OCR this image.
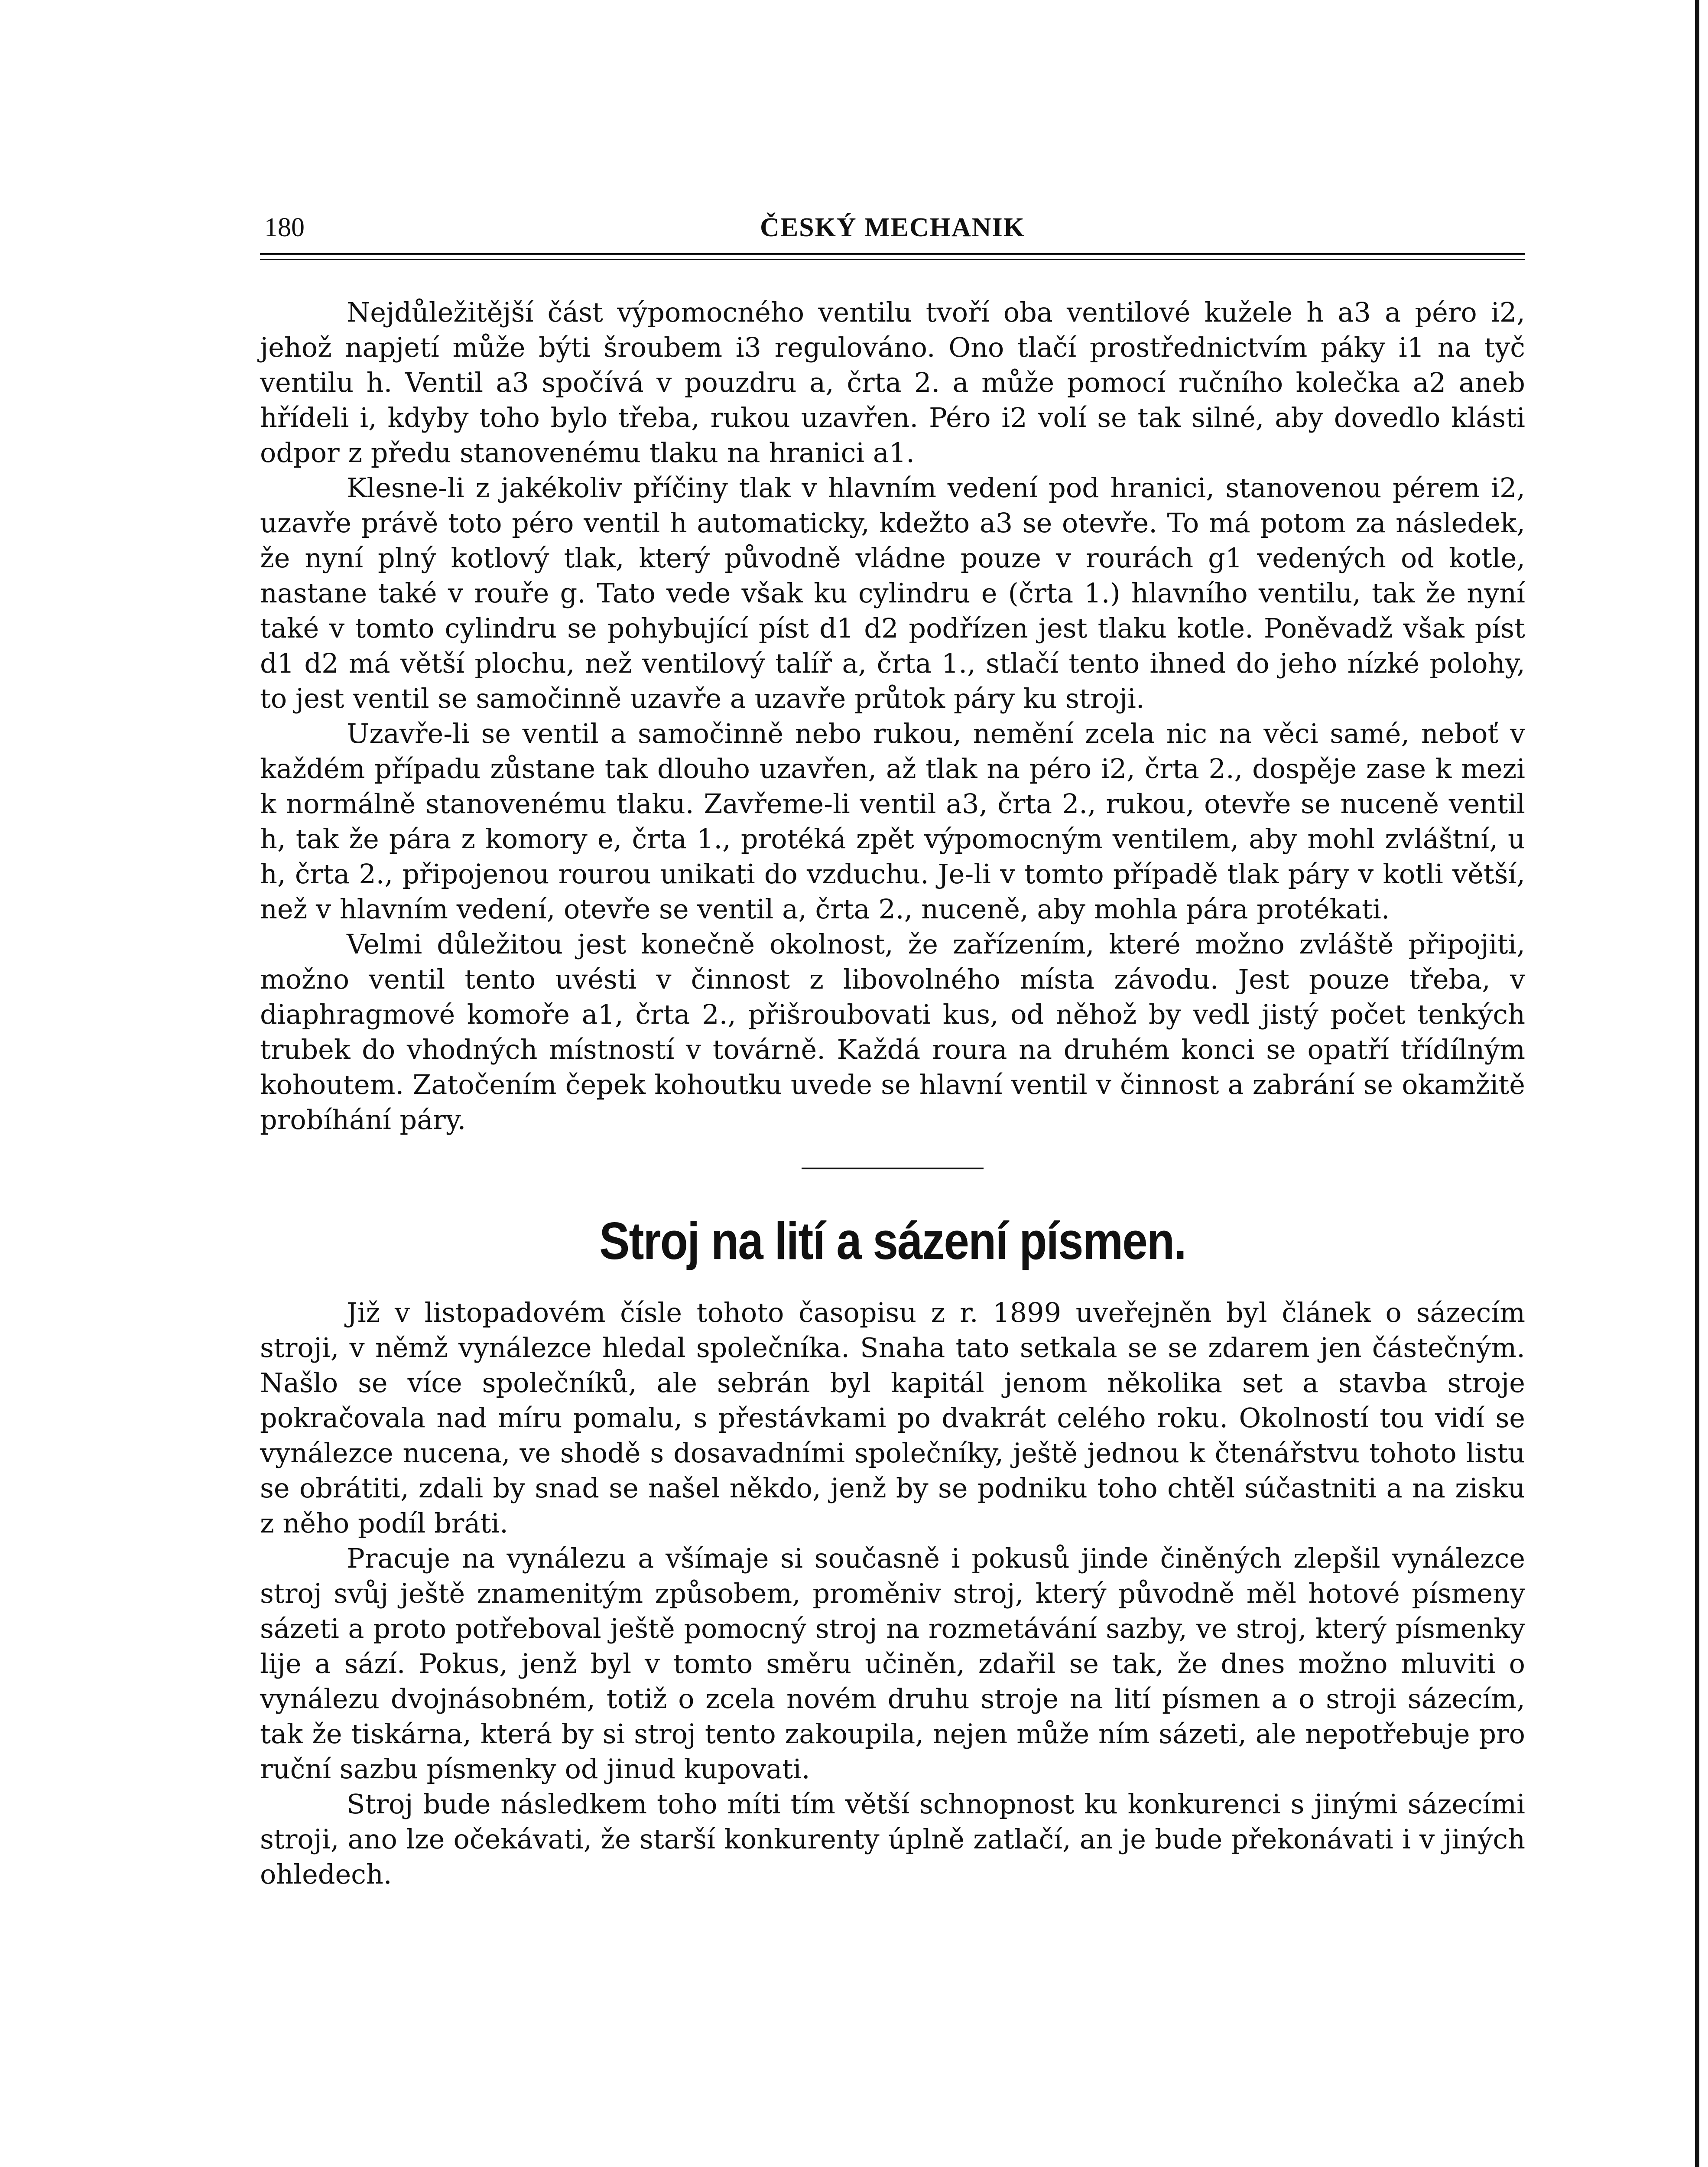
180	ČESKÝ MECHANIK

Nejdůležitější část výpomocného ventilu tvoří oba ventilové kužele h a3 a péro i2, jehož napjetí může býti šroubem i3 regulováno. Ono tlačí prostřednictvím páky i1 na tyč ventilu h. Ventil a3 spočívá v pouzdru a, črta 2. a může pomocí ručního kolečka a2 aneb hřídeli i, kdyby toho bylo třeba, rukou uzavřen. Péro i2 volí se tak silné, aby dovedlo klásti odpor z předu stanovenému tlaku na hranici a1.

Klesne-li z jakékoliv příčiny tlak v hlavním vedení pod hranici, stanovenou pérem i2, uzavře právě toto péro ventil h automaticky, kdežto a3 se otevře. To má potom za následek, že nyní plný kotlový tlak, který původně vládne pouze v rourách g1 vedených od kotle, nastane také v rouře g. Tato vede však ku cylindru e (črta 1.) hlavního ventilu, tak že nyní také v tomto cylindru se pohybující píst d1 d2 podřízen jest tlaku kotle. Poněvadž však píst d1 d2 má větší plochu, než ventilový talíř a, črta 1., stlačí tento ihned do jeho nízké polohy, to jest ventil se samočinně uzavře a uzavře průtok páry ku stroji.

Uzavře-li se ventil a samočinně nebo rukou, nemění zcela nic na věci samé, neboť v každém případu zůstane tak dlouho uzavřen, až tlak na péro i2, črta 2., dospěje zase k mezi k normálně stanovenému tlaku. Zavřeme-li ventil a3, črta 2., rukou, otevře se nuceně ventil h, tak že pára z komory e, črta 1., protéká zpět výpomocným ventilem, aby mohl zvláštní, u h, črta 2., připojenou rourou unikati do vzduchu. Je-li v tomto případě tlak páry v kotli větší, než v hlavním vedení, otevře se ventil a, črta 2., nuceně, aby mohla pára protékati.

Velmi důležitou jest konečně okolnost, že zařízením, které možno zvláště připojiti, možno ventil tento uvésti v činnost z libovolného místa závodu. Jest pouze třeba, v diaphragmové komoře a1, črta 2., přišroubovati kus, od něhož by vedl jistý počet tenkých trubek do vhodných místností v továrně. Každá roura na druhém konci se opatří třídílným kohoutem. Zatočením čepek kohoutku uvede se hlavní ventil v činnost a zabrání se okamžitě probíhání páry.

Stroj na lití a sázení písmen.

Již v listopadovém čísle tohoto časopisu z r. 1899 uveřejněn byl článek o sázecím stroji, v němž vynálezce hledal společníka. Snaha tato setkala se se zdarem jen částečným. Našlo se více společníků, ale sebrán byl kapitál jenom několika set a stavba stroje pokračovala nad míru pomalu, s přestávkami po dvakrát celého roku. Okolností tou vidí se vynálezce nucena, ve shodě s dosavadními společníky, ještě jednou k čtenářstvu tohoto listu se obrátiti, zdali by snad se našel někdo, jenž by se podniku toho chtěl súčastniti a na zisku z něho podíl bráti.

Pracuje na vynálezu a všímaje si současně i pokusů jinde činěných zlepšil vynálezce stroj svůj ještě znamenitým způsobem, proměniv stroj, který původně měl hotové písmeny sázeti a proto potřeboval ještě pomocný stroj na rozmetávání sazby, ve stroj, který písmenky lije a sází. Pokus, jenž byl v tomto směru učiněn, zdařil se tak, že dnes možno mluviti o vynálezu dvojnásobném, totiž o zcela novém druhu stroje na lití písmen a o stroji sázecím, tak že tiskárna, která by si stroj tento zakoupila, nejen může ním sázeti, ale nepotřebuje pro ruční sazbu písmenky od jinud kupovati.

Stroj bude následkem toho míti tím větší schnopnost ku konkurenci s jinými sázecími stroji, ano lze očekávati, že starší konkurenty úplně zatlačí, an je bude překonávati i v jiných ohledech.
